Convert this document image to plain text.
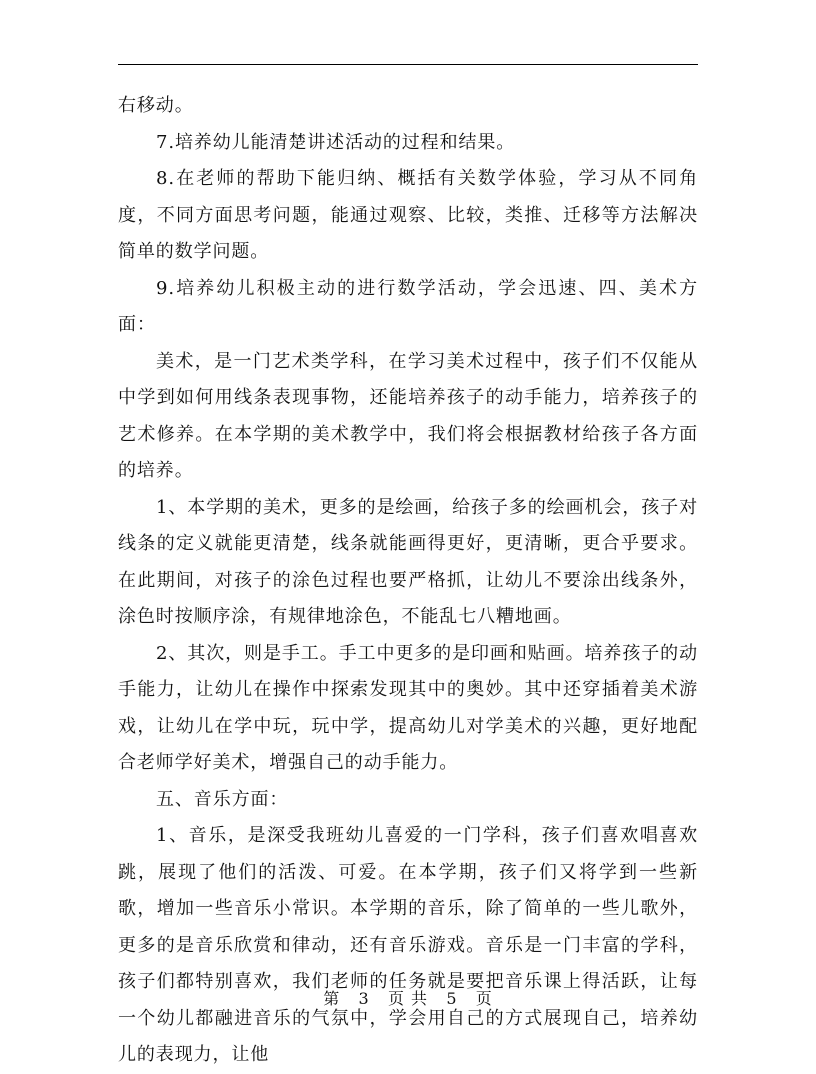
右移动。

7.培养幼儿能清楚讲述活动的过程和结果。

8.在老师的帮助下能归纳、概括有关数学体验，学习从不同角度，不同方面思考问题，能通过观察、比较，类推、迁移等方法解决简单的数学问题。

9.培养幼儿积极主动的进行数学活动，学会迅速、四、美术方面：

美术，是一门艺术类学科，在学习美术过程中，孩子们不仅能从中学到如何用线条表现事物，还能培养孩子的动手能力，培养孩子的艺术修养。在本学期的美术教学中，我们将会根据教材给孩子各方面的培养。

1、本学期的美术，更多的是绘画，给孩子多的绘画机会，孩子对线条的定义就能更清楚，线条就能画得更好，更清晰，更合乎要求。在此期间，对孩子的涂色过程也要严格抓，让幼儿不要涂出线条外，涂色时按顺序涂，有规律地涂色，不能乱七八糟地画。

2、其次，则是手工。手工中更多的是印画和贴画。培养孩子的动手能力，让幼儿在操作中探索发现其中的奥妙。其中还穿插着美术游戏，让幼儿在学中玩，玩中学，提高幼儿对学美术的兴趣，更好地配合老师学好美术，增强自己的动手能力。

五、音乐方面：

1、音乐，是深受我班幼儿喜爱的一门学科，孩子们喜欢唱喜欢跳，展现了他们的活泼、可爱。在本学期，孩子们又将学到一些新歌，增加一些音乐小常识。本学期的音乐，除了简单的一些儿歌外，更多的是音乐欣赏和律动，还有音乐游戏。音乐是一门丰富的学科，孩子们都特别喜欢，我们老师的任务就是要把音乐课上得活跃，让每一个幼儿都融进音乐的气氛中，学会用自己的方式展现自己，培养幼儿的表现力，让他

第 3 页 共 5 页
